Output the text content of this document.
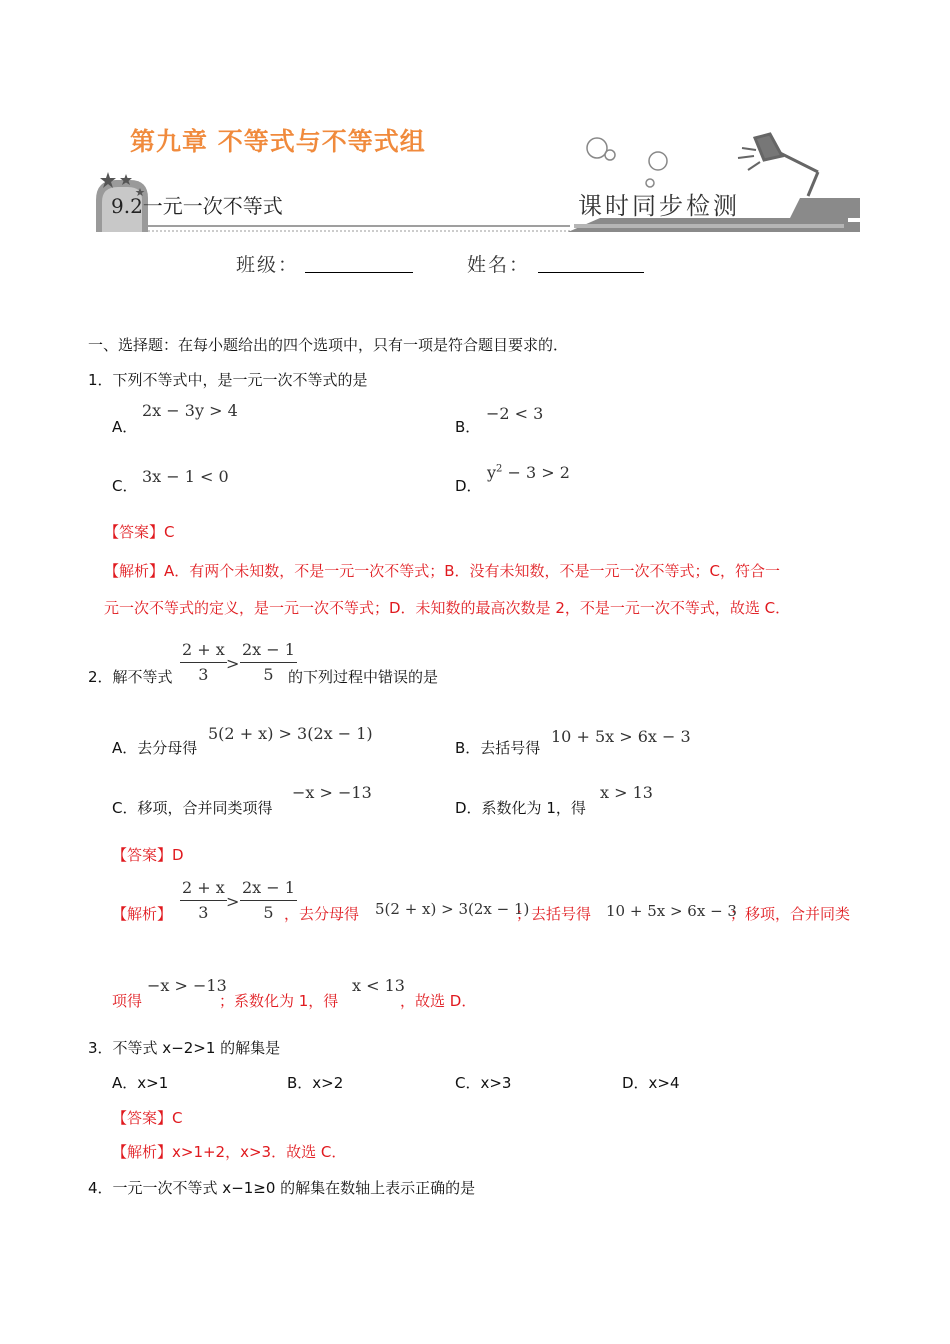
第九章 不等式与不等式组
9.2一元一次不等式	课时同步检测
班级：	姓名：
一、选择题：在每小题给出的四个选项中，只有一项是符合题目要求的．
1．下列不等式中，是一元一次不等式的是
A．
2x − 3y > 4
B．
−2 < 3
C． 3x − 1 < 0	D．
$y^2 - 3 > 2$
【答案】C
【解析】A．有两个未知数，不是一元一次不等式；B．没有未知数，不是一元一次不等式；C，符合一
元一次不等式的定义，是一元一次不等式；D．未知数的最高次数是 2，不是一元一次不等式，故选 C．
2．解不等式
2 + x
3
>
2x − 1
5 的下列过程中错误的是
A．去分母得
5(2 + x) > 3(2x − 1)
B．去括号得
10 + 5x > 6x − 3
C．移项，合并同类项得
−x > −13
D．系数化为 1，得
x > 13
【答案】D
【解析】
2 + x
3
>
2x − 1
5 ，去分母得 5(2 + x) > 3(2x − 1)
；去括号得 10 + 5x > 6x − 3
；移项，合并同类
项得
−x > −13
；系数化为 1，得
x < 13
，故选 D．
3．不等式 x−2>1 的解集是
A．x>1	B．x>2	C．x>3	D．x>4
【答案】C
【解析】x>1+2，x>3．故选 C．
4．一元一次不等式 x−1≥0 的解集在数轴上表示正确的是
